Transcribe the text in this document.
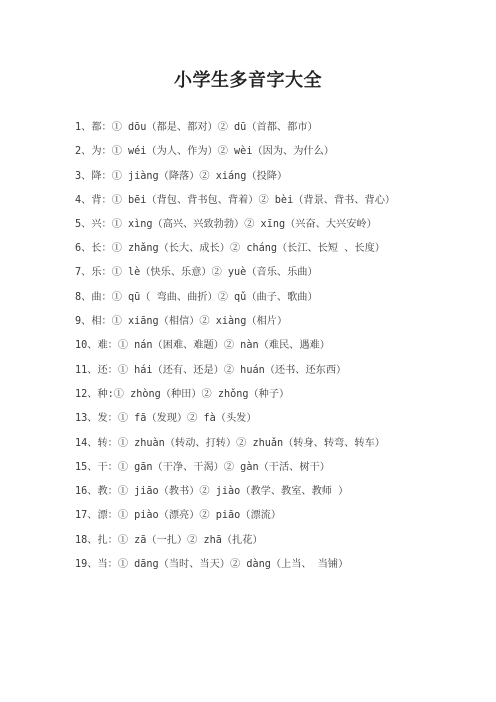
小学生多音字大全
1、都：① dōu（都是、都对）② dū（首都、都市）
2、为：① wéi（为人、作为）② wèi（因为、为什么）
3、降：① jiàng（降落）② xiáng（投降）
4、背：① bēi（背包、背书包、背着）② bèi（背景、背书、背心）
5、兴：① xìng（高兴、兴致勃勃）② xīng（兴奋、大兴安岭）
6、长：① zhǎng（长大、成长）② cháng（长江、长短 、长度）
7、乐：① lè（快乐、乐意）② yuè（音乐、乐曲）
8、曲：① qū（ 弯曲、曲折）② qǔ（曲子、歌曲）
9、相：① xiāng（相信）② xiàng（相片）
10、难：① nán（困难、难题）② nàn（难民、遇难）
11、还：① hái（还有、还是）② huán（还书、还东西）
12、种:① zhòng（种田）② zhǒng（种子）
13、发：① fā（发现）② fà（头发）
14、转：① zhuàn（转动、打转）② zhuǎn（转身、转弯、转车）
15、干：① gān（干净、干渴）② gàn（干活、树干）
16、教：① jiāo（教书）② jiào（教学、教室、教师 ）
17、漂：① piào（漂亮）② piāo（漂流）
18、扎：① zā（一扎）② zhā（扎花）
19、当：① dāng（当时、当天）② dàng（上当、 当铺）
